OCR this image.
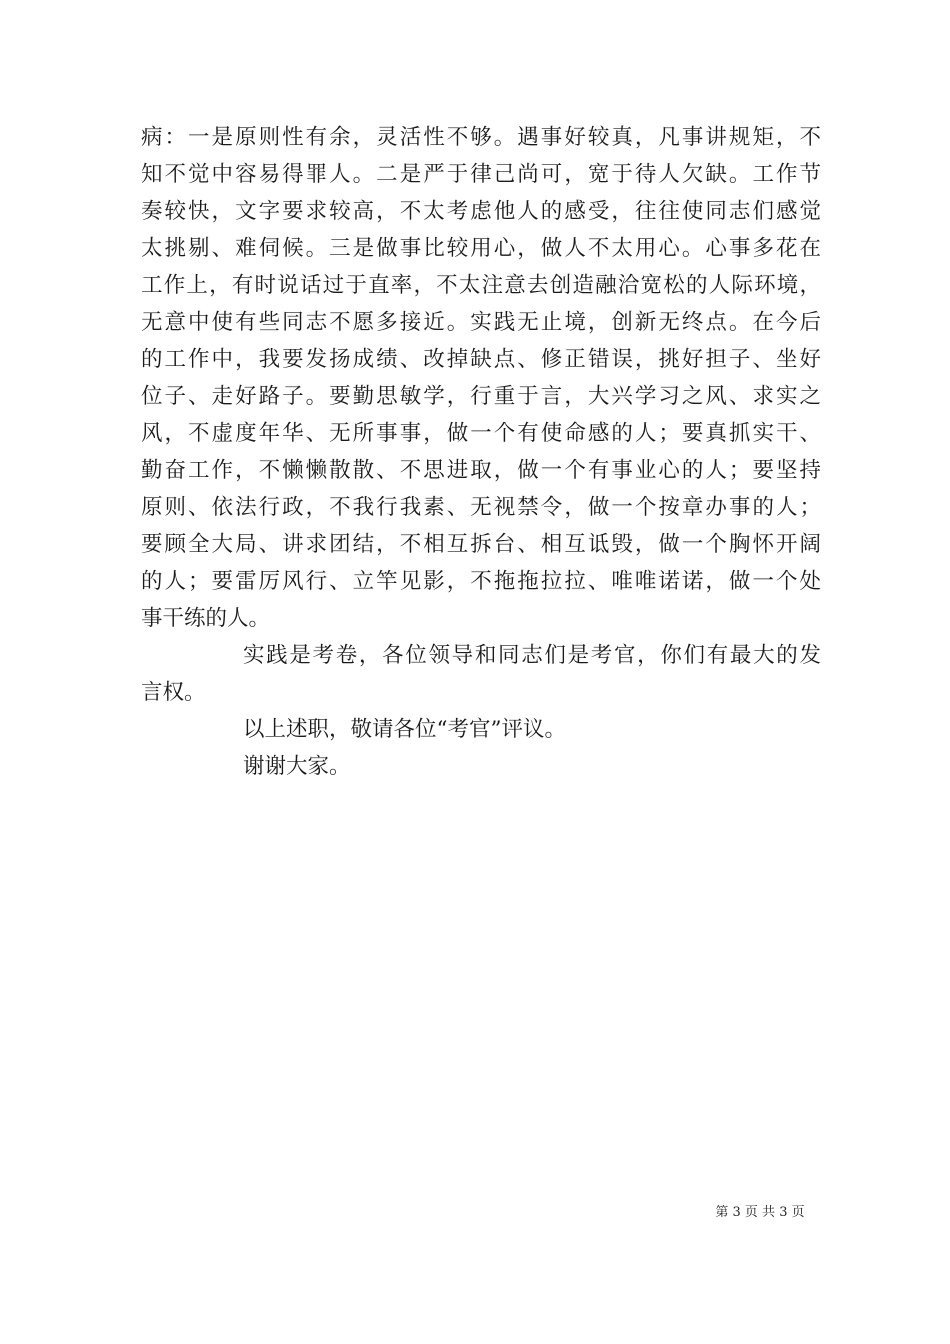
病：一是原则性有余，灵活性不够。遇事好较真，凡事讲规矩，不
知不觉中容易得罪人。二是严于律己尚可，宽于待人欠缺。工作节
奏较快，文字要求较高，不太考虑他人的感受，往往使同志们感觉
太挑剔、难伺候。三是做事比较用心，做人不太用心。心事多花在
工作上，有时说话过于直率，不太注意去创造融洽宽松的人际环境，
无意中使有些同志不愿多接近。实践无止境，创新无终点。在今后
的工作中，我要发扬成绩、改掉缺点、修正错误，挑好担子、坐好
位子、走好路子。要勤思敏学，行重于言，大兴学习之风、求实之
风，不虚度年华、无所事事，做一个有使命感的人；要真抓实干、
勤奋工作，不懒懒散散、不思进取，做一个有事业心的人；要坚持
原则、依法行政，不我行我素、无视禁令，做一个按章办事的人；
要顾全大局、讲求团结，不相互拆台、相互诋毁，做一个胸怀开阔
的人；要雷厉风行、立竿见影，不拖拖拉拉、唯唯诺诺，做一个处
事干练的人。
实践是考卷，各位领导和同志们是考官，你们有最大的发
言权。
以上述职，敬请各位“考官”评议。
谢谢大家。
第 3 页 共 3 页
